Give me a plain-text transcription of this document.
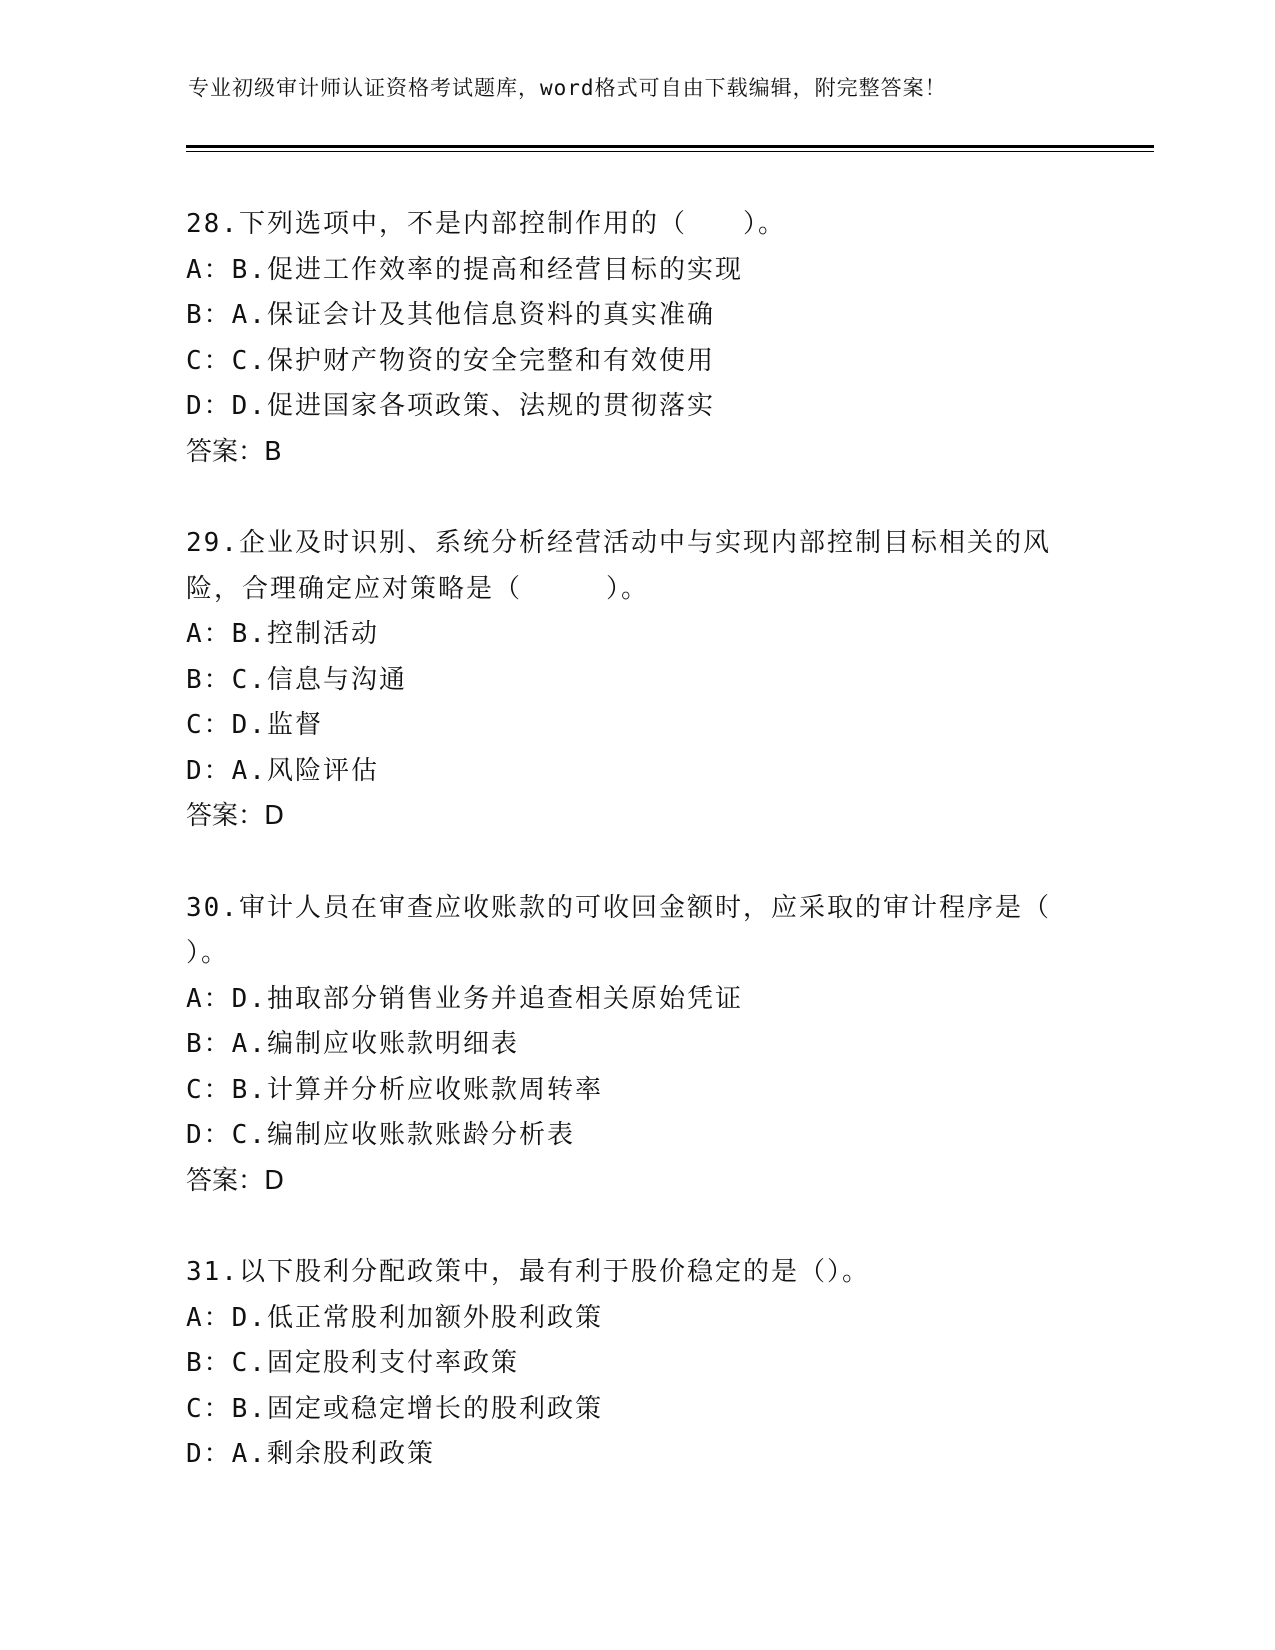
专业初级审计师认证资格考试题库，word格式可自由下载编辑，附完整答案！
28.下列选项中，不是内部控制作用的（　　）。
A：B.促进工作效率的提高和经营目标的实现
B：A.保证会计及其他信息资料的真实准确
C：C.保护财产物资的安全完整和有效使用
D：D.促进国家各项政策、法规的贯彻落实
答案：B
29.企业及时识别、系统分析经营活动中与实现内部控制目标相关的风
险，合理确定应对策略是（　　　）。
A：B.控制活动
B：C.信息与沟通
C：D.监督
D：A.风险评估
答案：D
30.审计人员在审查应收账款的可收回金额时，应采取的审计程序是（
）。
A：D.抽取部分销售业务并追查相关原始凭证
B：A.编制应收账款明细表
C：B.计算并分析应收账款周转率
D：C.编制应收账款账龄分析表
答案：D
31.以下股利分配政策中，最有利于股价稳定的是（）。
A：D.低正常股利加额外股利政策
B：C.固定股利支付率政策
C：B.固定或稳定增长的股利政策
D：A.剩余股利政策
